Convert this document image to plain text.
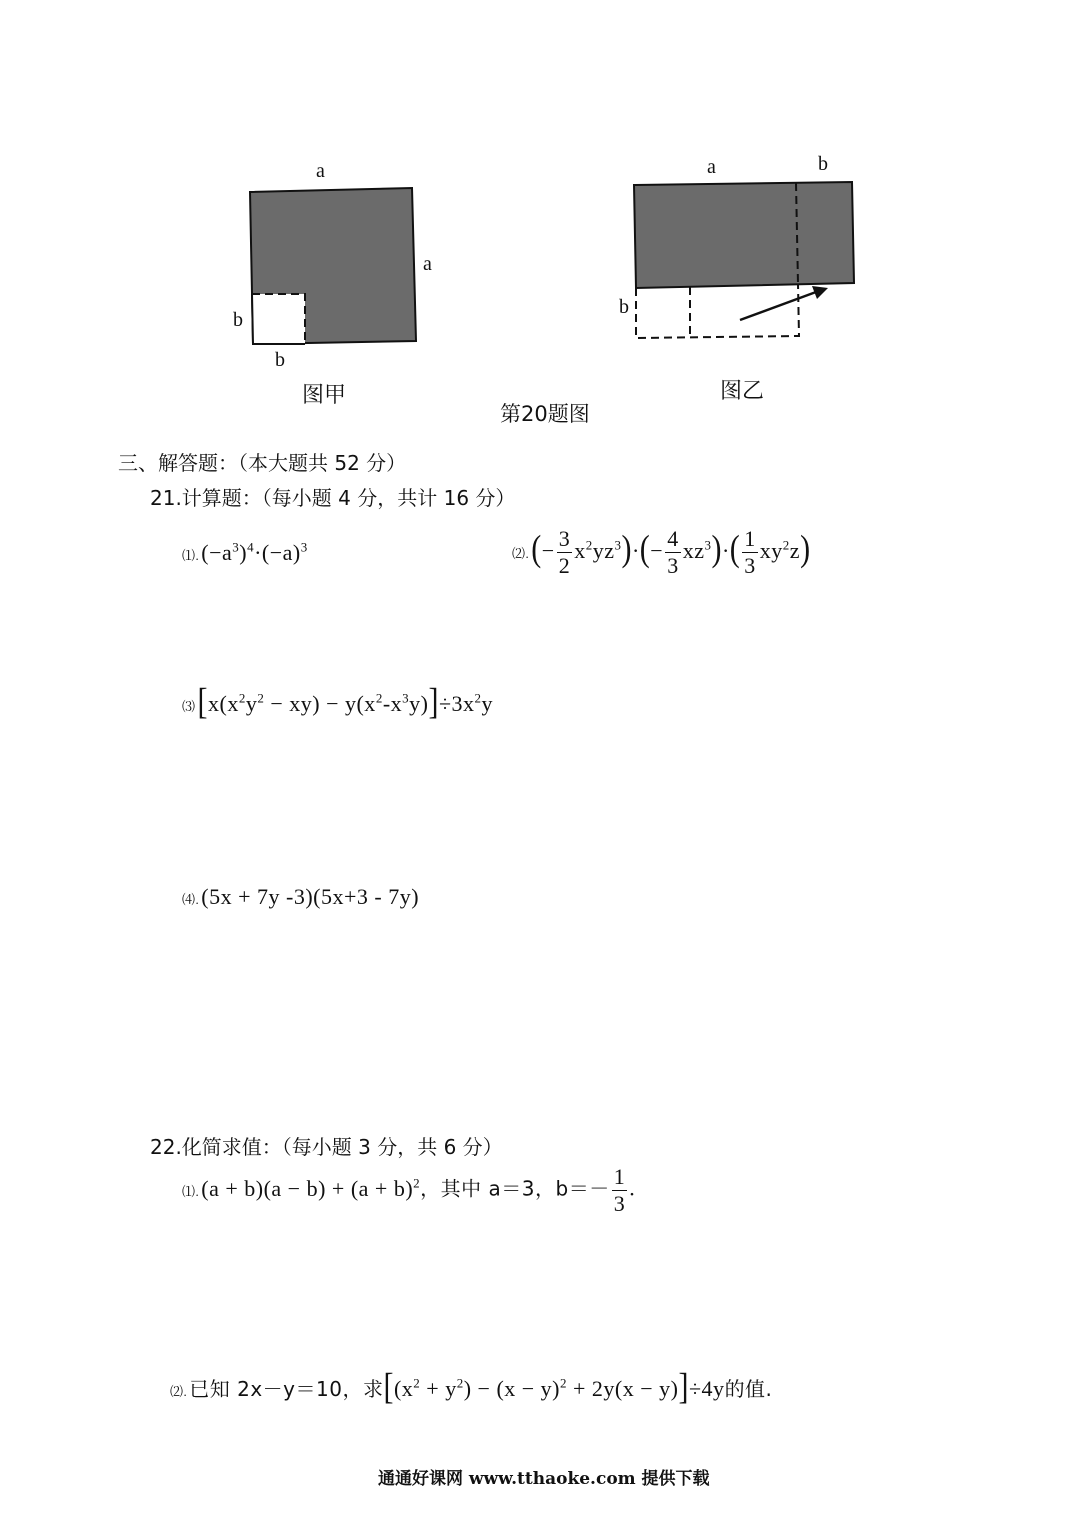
a
a
b
b
图甲
a	b
b
图乙
第20题图
三、解答题：（本大题共 52 分）
21.计算题：（每小题 4 分，共计 16 分）
$⑴.(-a^3)^4\cdot(-a)^3$	⑵.(− $\frac{3}{2} x^2yz^3)\cdot(- \frac{4}{3} xz^3)\cdot( \frac{1}{3} xy^2z)$
$⑶[x(x^2y^2 - xy) - y(x^2-x^3y)]\div 3x^2y$
⑷.(5x + 7y -3)(5x+3 - 7y)
22.化简求值：（每小题 3 分，共 6 分）
⑴.(a + $b)(a - b) + (a + b)^2$，其中 a＝3，$b=- \frac{1}{3}$ .
⑵. 已知 2x－y＝10，求$[(x^2 + y^2) - (x - y)^2 + 2y(x - y)]\div 4y$的值.
通通好课网 www.tthaoke.com 提供下载
